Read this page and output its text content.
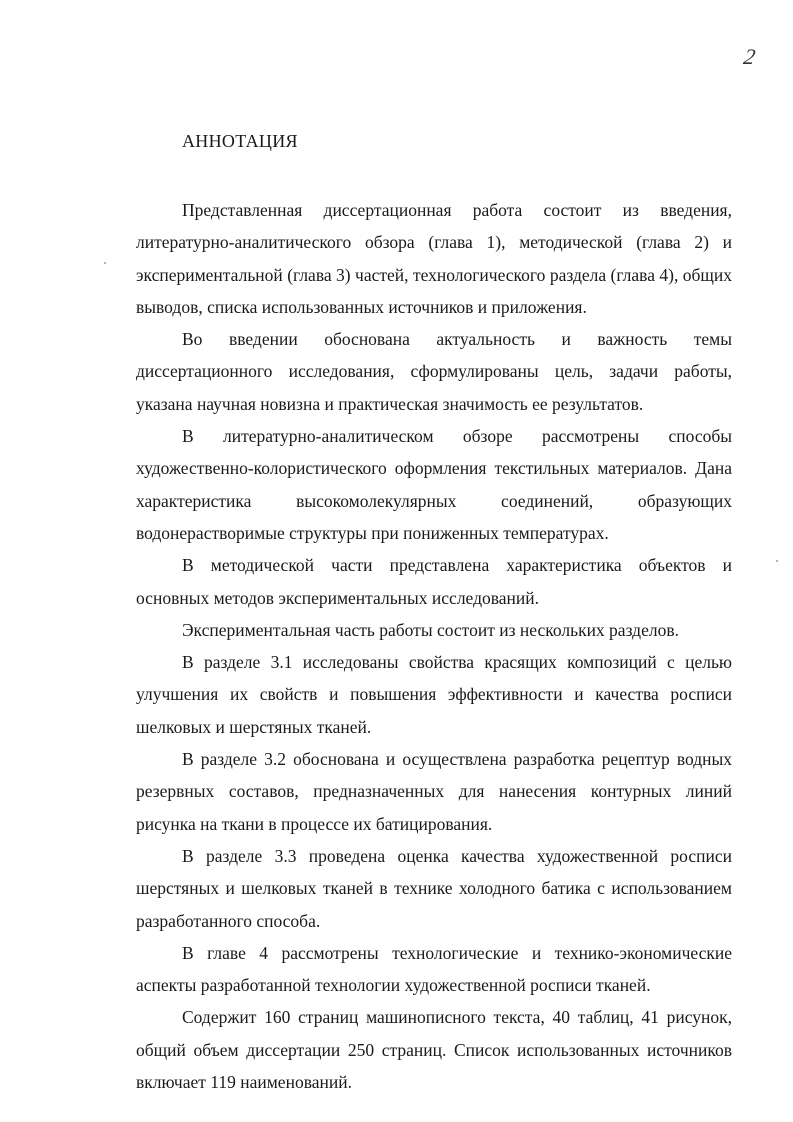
2
АННОТАЦИЯ

Представленная диссертационная работа состоит из введения, литературно-аналитического обзора (глава 1), методической (глава 2) и экспериментальной (глава 3) частей, технологического раздела (глава 4), общих выводов, списка использованных источников и приложения.

Во введении обоснована актуальность и важность темы диссертационного исследования, сформулированы цель, задачи работы, указана научная новизна и практическая значимость ее результатов.

В литературно-аналитическом обзоре рассмотрены способы художественно-колористического оформления текстильных материалов. Дана характеристика высокомолекулярных соединений, образующих водонерастворимые структуры при пониженных температурах.

В методической части представлена характеристика объектов и основных методов экспериментальных исследований.

Экспериментальная часть работы состоит из нескольких разделов.

В разделе 3.1 исследованы свойства красящих композиций с целью улучшения их свойств и повышения эффективности и качества росписи шелковых и шерстяных тканей.

В разделе 3.2 обоснована и осуществлена разработка рецептур водных резервных составов, предназначенных для нанесения контурных линий рисунка на ткани в процессе их батицирования.

В разделе 3.3 проведена оценка качества художественной росписи шерстяных и шелковых тканей в технике холодного батика с использованием разработанного способа.

В главе 4 рассмотрены технологические и технико-экономические аспекты разработанной технологии художественной росписи тканей.

Содержит 160 страниц машинописного текста, 40 таблиц, 41 рисунок, общий объем диссертации 250 страниц. Список использованных источников включает 119 наименований.
